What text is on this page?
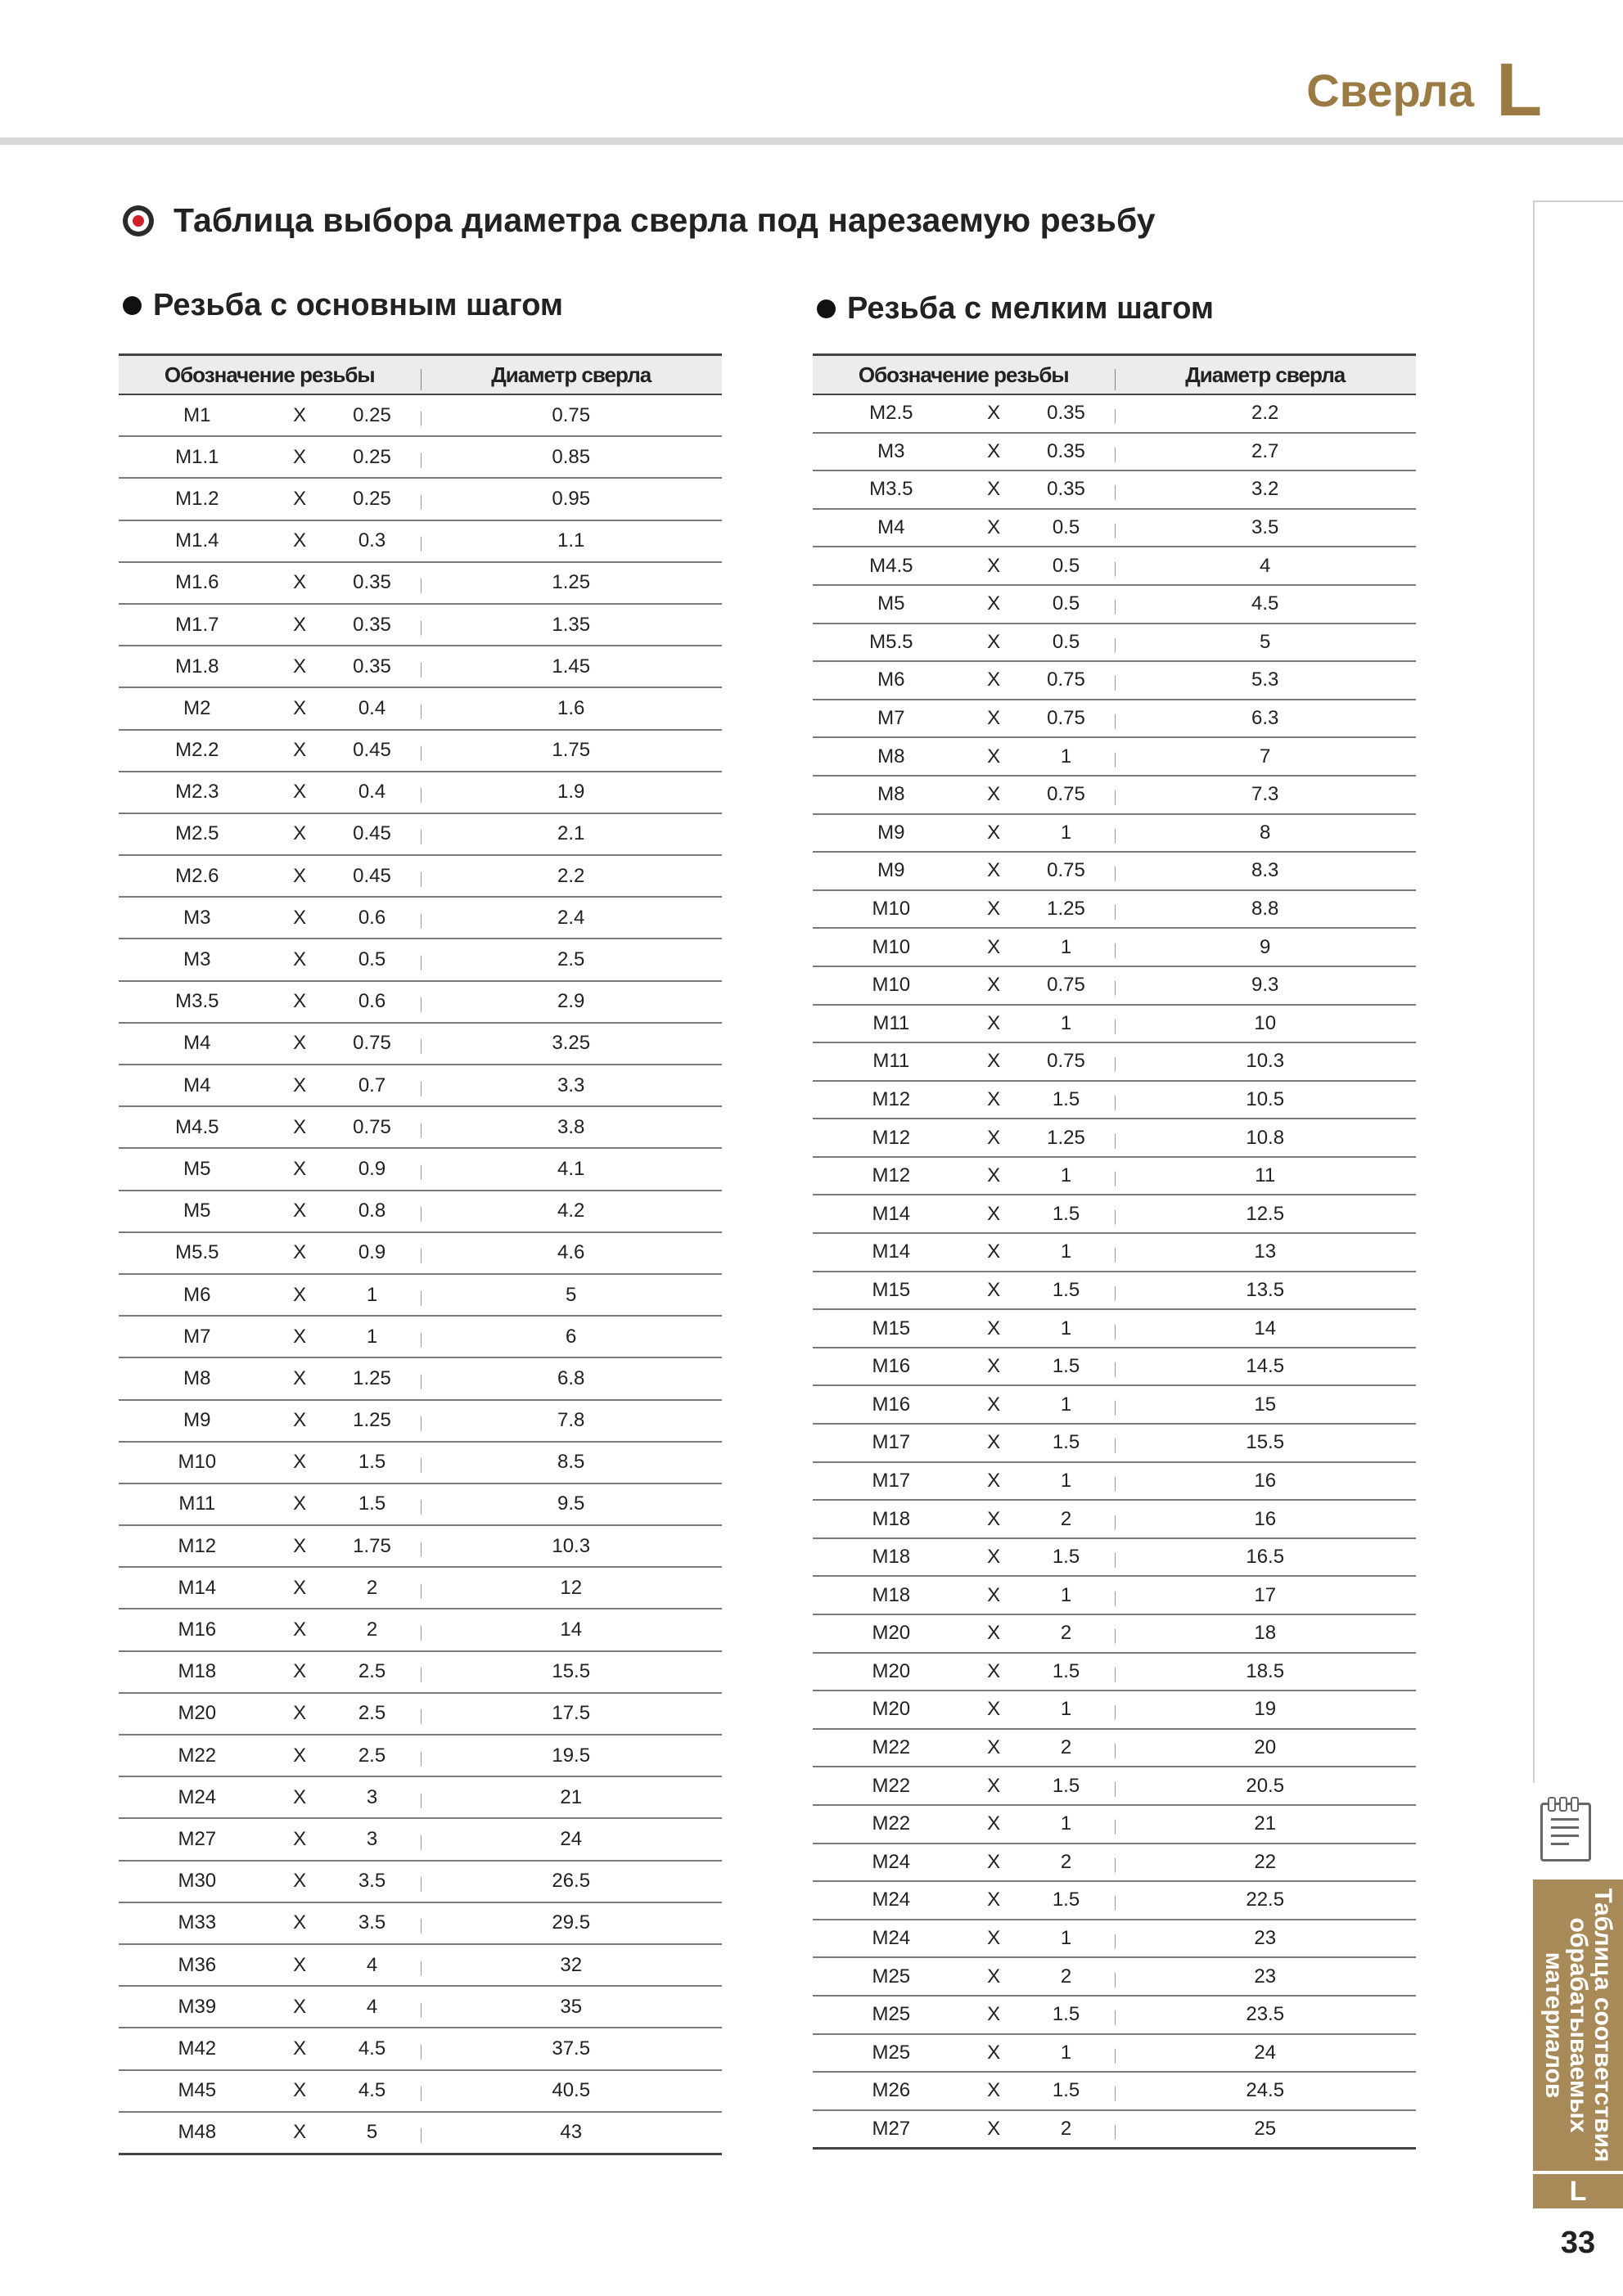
Сверла L
Таблица выбора диаметра сверла под нарезаемую резьбу
Резьба с основным шагом	Резьба с мелким шагом
Обозначение резьбы	Диаметр сверла
M1	X	0.25	0.75
M1.1	X	0.25	0.85
M1.2	X	0.25	0.95
M1.4	X	0.3	1.1
M1.6	X	0.35	1.25
M1.7	X	0.35	1.35
M1.8	X	0.35	1.45
M2	X	0.4	1.6
M2.2	X	0.45	1.75
M2.3	X	0.4	1.9
M2.5	X	0.45	2.1
M2.6	X	0.45	2.2
M3	X	0.6	2.4
M3	X	0.5	2.5
M3.5	X	0.6	2.9
M4	X	0.75	3.25
M4	X	0.7	3.3
M4.5	X	0.75	3.8
M5	X	0.9	4.1
M5	X	0.8	4.2
M5.5	X	0.9	4.6
M6	X	1	5
M7	X	1	6
M8	X	1.25	6.8
M9	X	1.25	7.8
M10	X	1.5	8.5
M11	X	1.5	9.5
M12	X	1.75	10.3
M14	X	2	12
M16	X	2	14
M18	X	2.5	15.5
M20	X	2.5	17.5
M22	X	2.5	19.5
M24	X	3	21
M27	X	3	24
M30	X	3.5	26.5
M33	X	3.5	29.5
M36	X	4	32
M39	X	4	35
M42	X	4.5	37.5
M45	X	4.5	40.5
M48	X	5	43
Обозначение резьбы	Диаметр сверла
M2.5	X	0.35	2.2
M3	X	0.35	2.7
M3.5	X	0.35	3.2
M4	X	0.5	3.5
M4.5	X	0.5	4
M5	X	0.5	4.5
M5.5	X	0.5	5
M6	X	0.75	5.3
M7	X	0.75	6.3
M8	X	1	7
M8	X	0.75	7.3
M9	X	1	8
M9	X	0.75	8.3
M10	X	1.25	8.8
M10	X	1	9
M10	X	0.75	9.3
M11	X	1	10
M11	X	0.75	10.3
M12	X	1.5	10.5
M12	X	1.25	10.8
M12	X	1	11
M14	X	1.5	12.5
M14	X	1	13
M15	X	1.5	13.5
M15	X	1	14
M16	X	1.5	14.5
M16	X	1	15
M17	X	1.5	15.5
M17	X	1	16
M18	X	2	16
M18	X	1.5	16.5
M18	X	1	17
M20	X	2	18
M20	X	1.5	18.5
M20	X	1	19
M22	X	2	20
M22	X	1.5	20.5
M22	X	1	21
M24	X	2	22
M24	X	1.5	22.5
M24	X	1	23
M25	X	2	23
M25	X	1.5	23.5
M25	X	1	24
M26	X	1.5	24.5
M27	X	2	25	Таблица соответствия обрабатываемых материалов
L
33
